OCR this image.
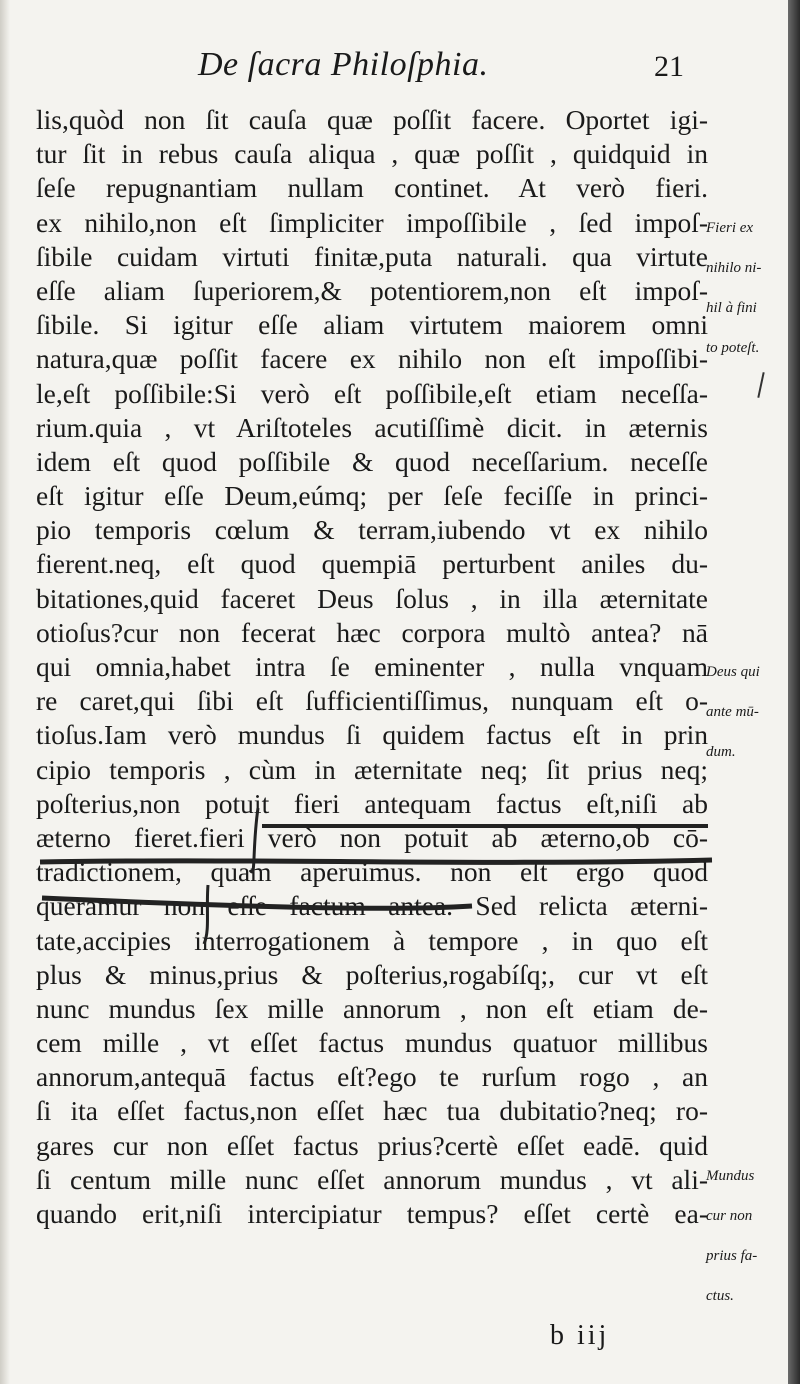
De ſacra Philoſphia.	21
lis,quòd non ſit cauſa quæ poſſit facere. Oportet igi-
tur ſit in rebus cauſa aliqua , quæ poſſit , quidquid in
ſeſe repugnantiam nullam continet. At verò fieri.
ex nihilo,non eſt ſimpliciter impoſſibile , ſed impoſ-
ſibile cuidam virtuti finitæ,puta naturali. qua virtute
eſſe aliam ſuperiorem,& potentiorem,non eſt impoſ-
ſibile. Si igitur eſſe aliam virtutem maiorem omni
natura,quæ poſſit facere ex nihilo non eſt impoſſibi-
le,eſt poſſibile:Si verò eſt poſſibile,eſt etiam neceſſa-
rium.quia , vt Ariſtoteles acutiſſimè dicit. in æternis
idem eſt quod poſſibile & quod neceſſarium. neceſſe
eſt igitur eſſe Deum,eúmq; per ſeſe feciſſe in princi-
pio temporis cœlum & terram,iubendo vt ex nihilo
fierent.neq, eſt quod quempiā perturbent aniles du-
bitationes,quid faceret Deus ſolus , in illa æternitate
otioſus?cur non fecerat hæc corpora multò antea? nā
qui omnia,habet intra ſe eminenter , nulla vnquam
re caret,qui ſibi eſt ſufficientiſſimus, nunquam eſt o-
tioſus.Iam verò mundus ſi quidem factus eſt in prin
cipio temporis , cùm in æternitate neq; ſit prius neq;
poſterius,non potuit fieri antequam factus eſt,niſi ab
æterno fieret.fieri verò non potuit ab æterno,ob cō-
tradictionem, quam aperuimus. non eſt ergo quod
queramur non eſſe factum antea. Sed relicta æterni-
tate,accipies interrogationem à tempore , in quo eſt
plus & minus,prius & poſterius,rogabíſq;, cur vt eſt
nunc mundus ſex mille annorum , non eſt etiam de-
cem mille , vt eſſet factus mundus quatuor millibus
annorum,antequā factus eſt?ego te rurſum rogo , an
ſi ita eſſet factus,non eſſet hæc tua dubitatio?neq; ro-
gares cur non eſſet factus prius?certè eſſet eadē. quid
ſi centum mille nunc eſſet annorum mundus , vt ali-
quando erit,niſi intercipiatur tempus? eſſet certè ea-

Fieri ex

nihilo ni-

hil à fini

to poteſt.

Deus qui

ante mū-

dum.

Mundus

cur non

prius fa-

ctus.

b iij
